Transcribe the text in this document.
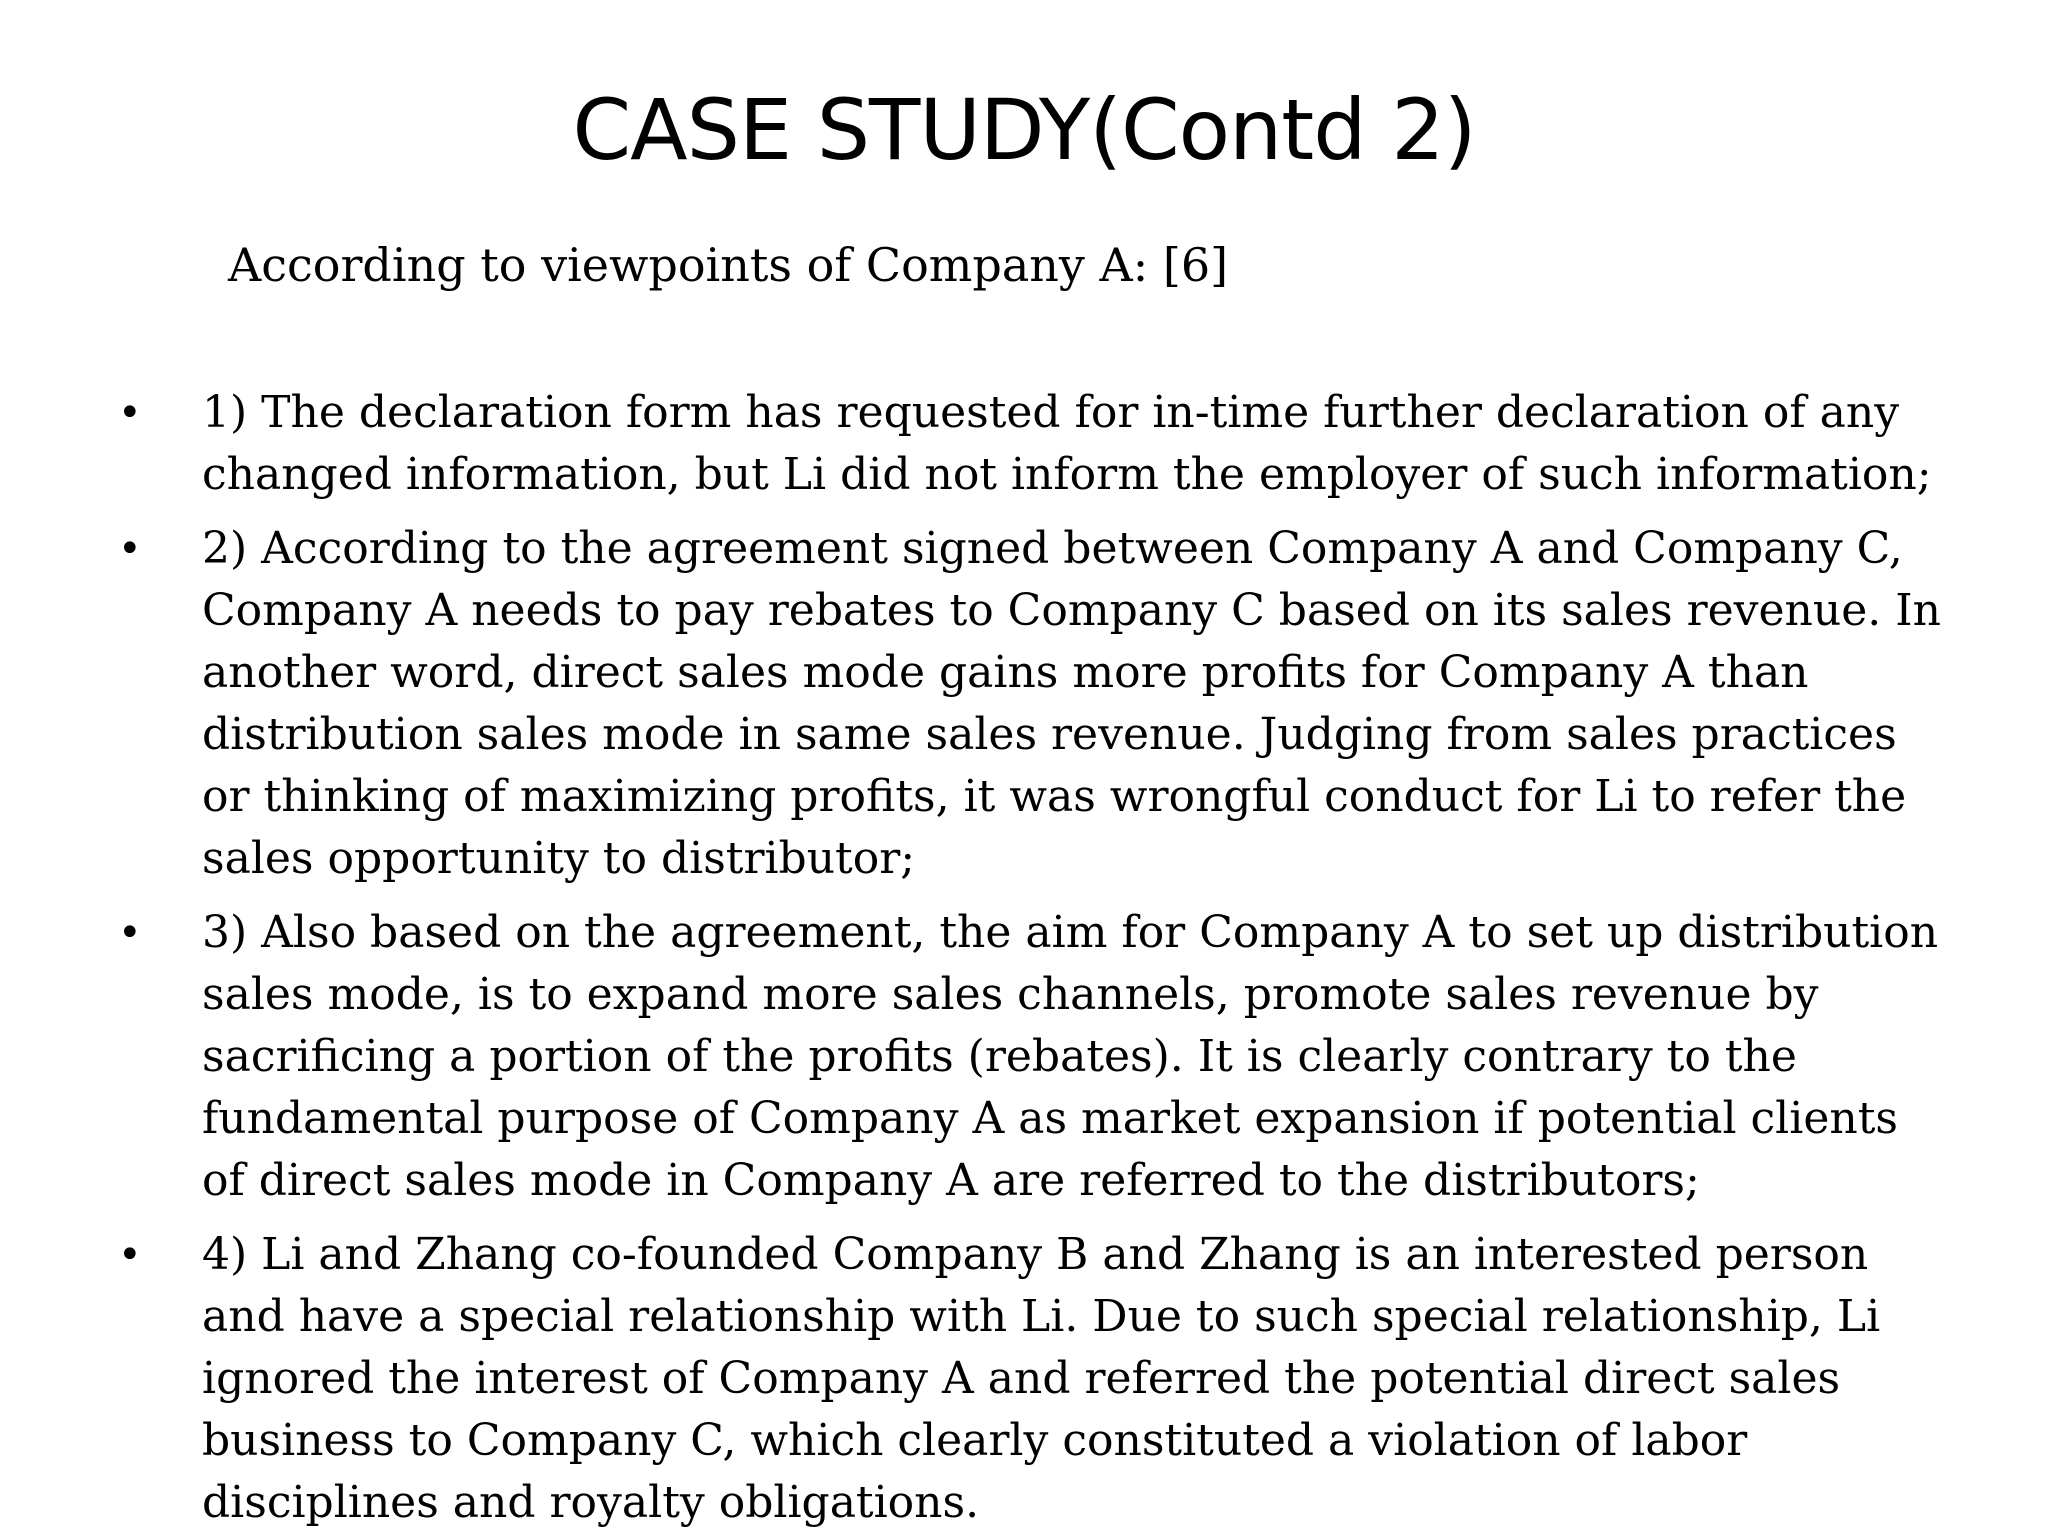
CASE STUDY(Contd 2)

According to viewpoints of Company A: [6]

• 1) The declaration form has requested for in-time further declaration of any changed information, but Li did not inform the employer of such information;
• 2) According to the agreement signed between Company A and Company C, Company A needs to pay rebates to Company C based on its sales revenue. In another word, direct sales mode gains more profits for Company A than distribution sales mode in same sales revenue. Judging from sales practices or thinking of maximizing profits, it was wrongful conduct for Li to refer the sales opportunity to distributor;
• 3) Also based on the agreement, the aim for Company A to set up distribution sales mode, is to expand more sales channels, promote sales revenue by sacrificing a portion of the profits (rebates). It is clearly contrary to the fundamental purpose of Company A as market expansion if potential clients of direct sales mode in Company A are referred to the distributors;
• 4) Li and Zhang co-founded Company B and Zhang is an interested person and have a special relationship with Li. Due to such special relationship, Li ignored the interest of Company A and referred the potential direct sales business to Company C, which clearly constituted a violation of labor disciplines and royalty obligations.
